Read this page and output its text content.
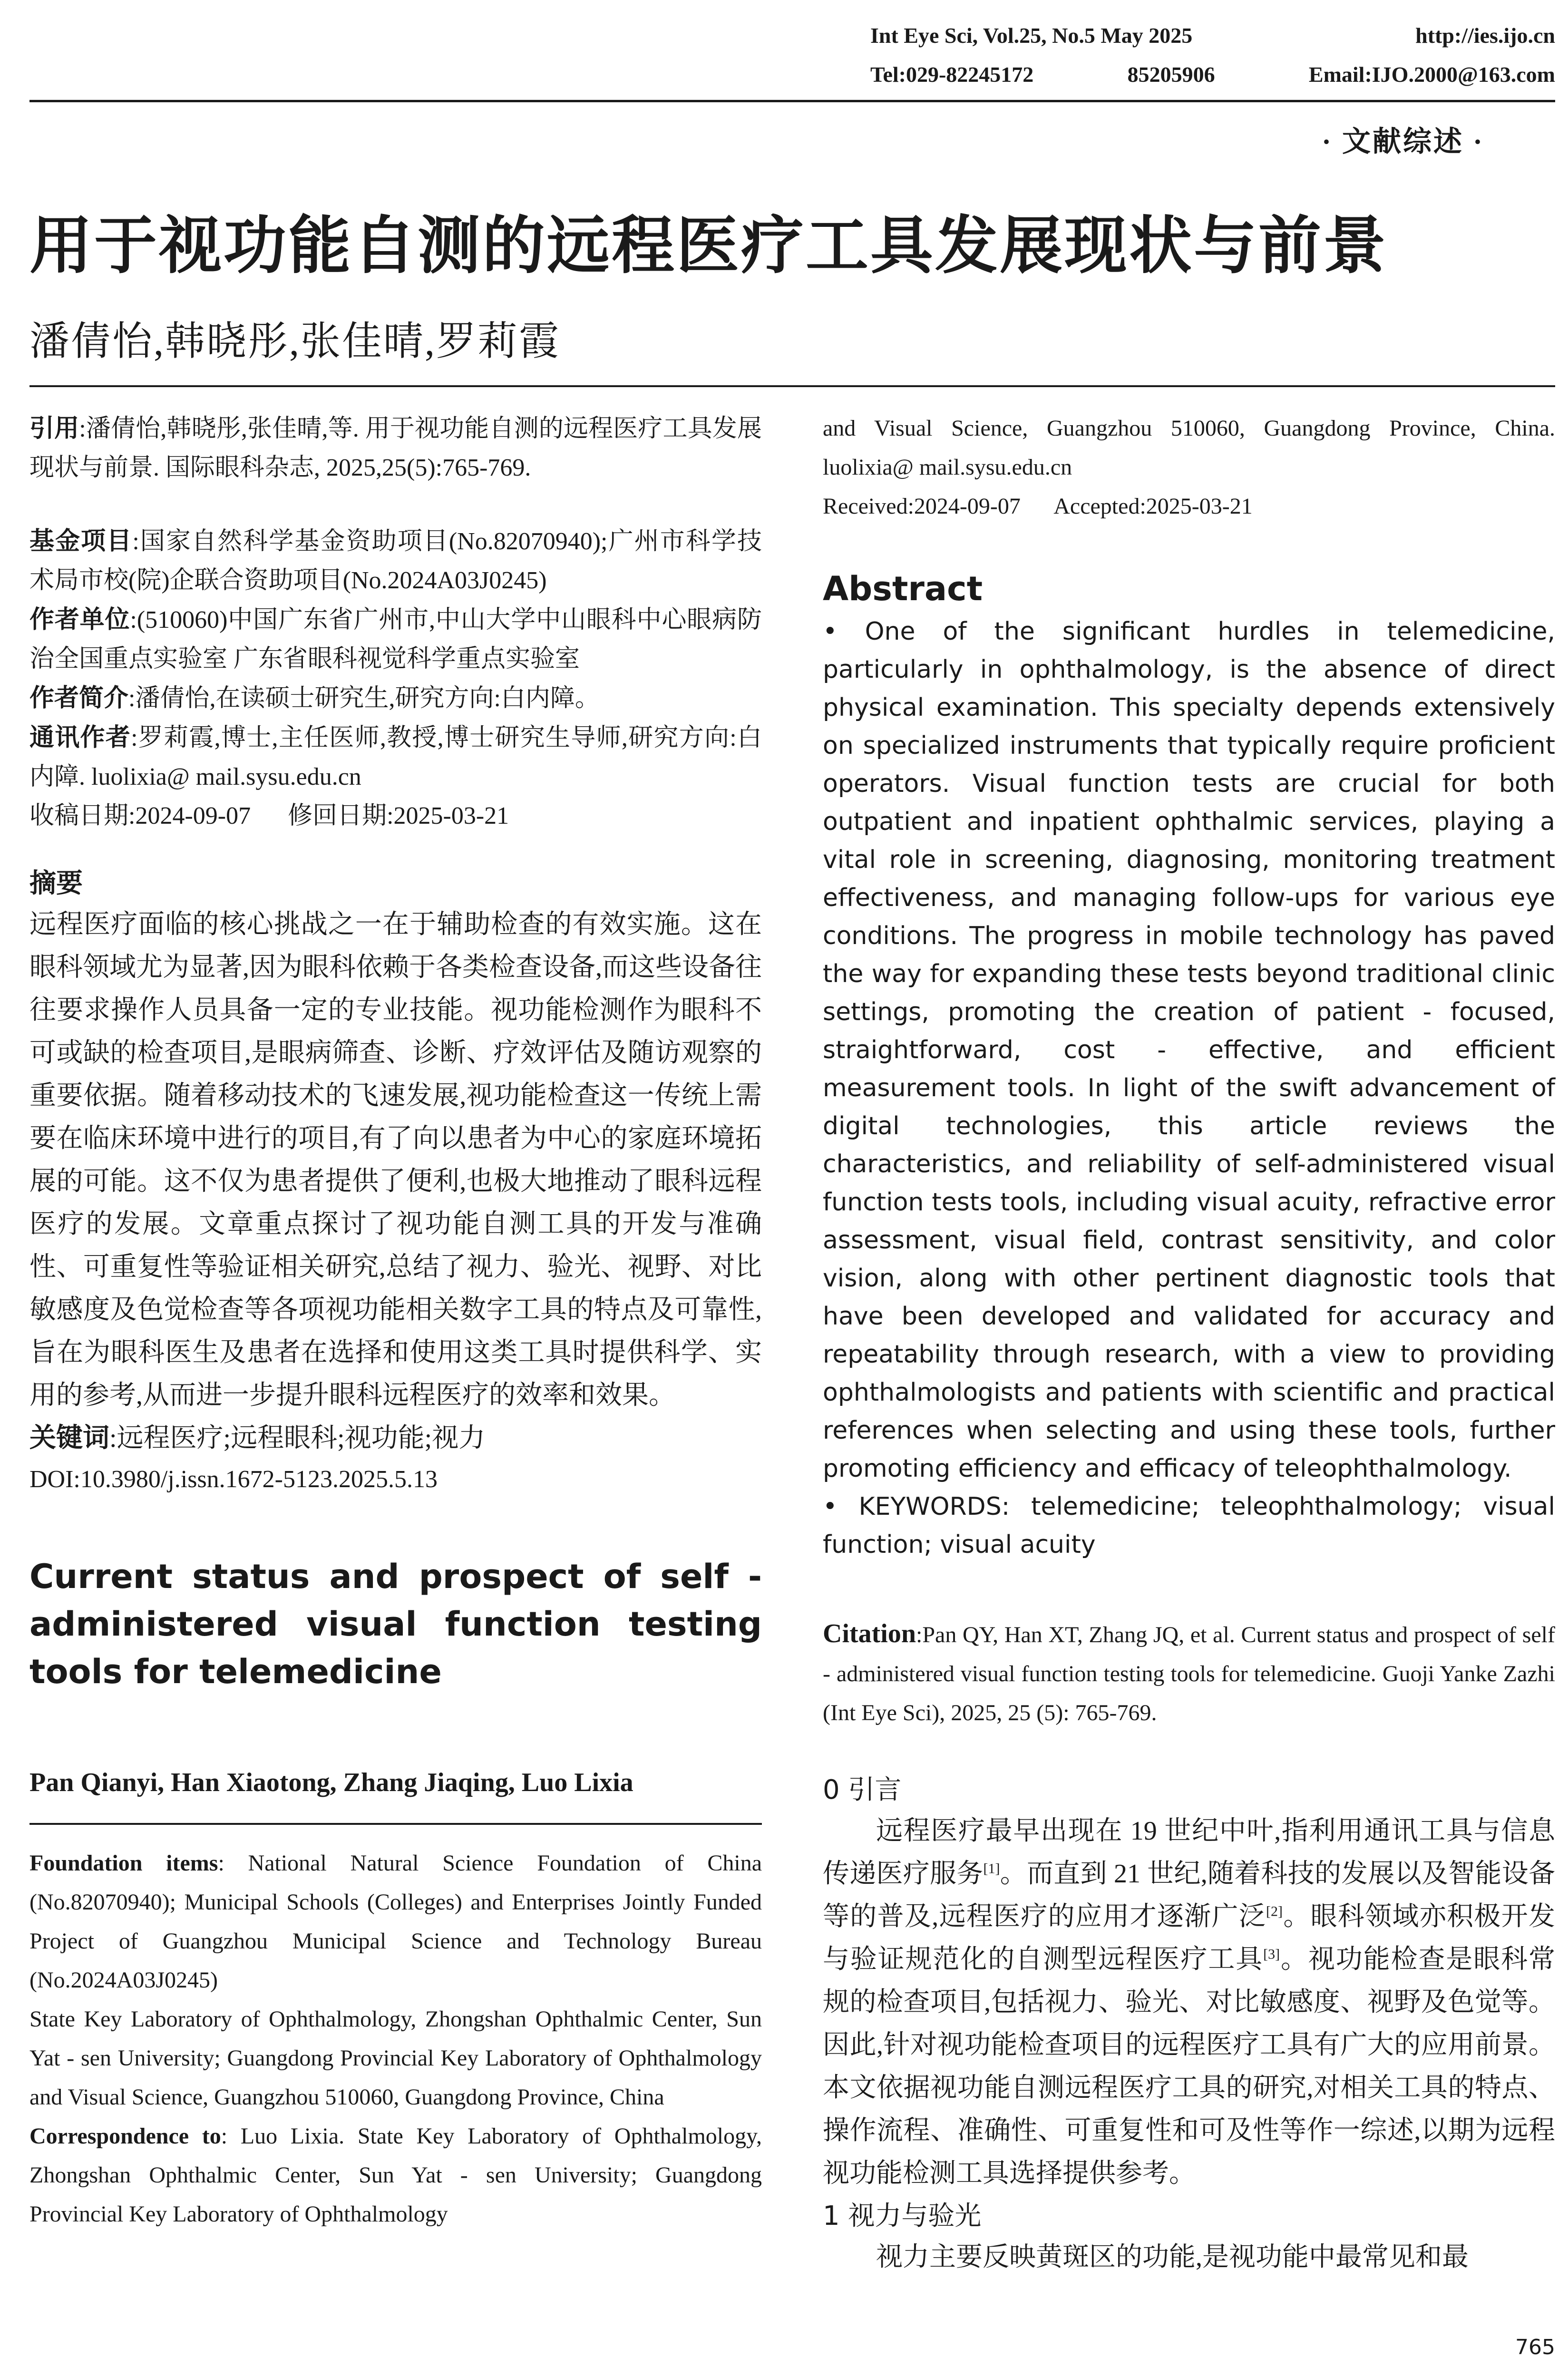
Int Eye Sci, Vol.25, No.5 May 2025	http://ies.ijo.cn
Tel:029-82245172	85205906	Email:IJO.2000@163.com
· 文献综述 ·
用于视功能自测的远程医疗工具发展现状与前景
潘倩怡,韩晓彤,张佳晴,罗莉霞
引用:潘倩怡,韩晓彤,张佳晴,等. 用于视功能自测的远程医疗工具发展现状与前景. 国际眼科杂志, 2025,25(5):765-769.
基金项目:国家自然科学基金资助项目(No.82070940);广州市科学技术局市校(院)企联合资助项目(No.2024A03J0245)
作者单位:(510060)中国广东省广州市,中山大学中山眼科中心眼病防治全国重点实验室 广东省眼科视觉科学重点实验室
作者简介:潘倩怡,在读硕士研究生,研究方向:白内障。
通讯作者:罗莉霞,博士,主任医师,教授,博士研究生导师,研究方向:白内障. luolixia@ mail.sysu.edu.cn
收稿日期:2024-09-07      修回日期:2025-03-21
摘要
远程医疗面临的核心挑战之一在于辅助检查的有效实施。这在眼科领域尤为显著,因为眼科依赖于各类检查设备,而这些设备往往要求操作人员具备一定的专业技能。视功能检测作为眼科不可或缺的检查项目,是眼病筛查、诊断、疗效评估及随访观察的重要依据。随着移动技术的飞速发展,视功能检查这一传统上需要在临床环境中进行的项目,有了向以患者为中心的家庭环境拓展的可能。这不仅为患者提供了便利,也极大地推动了眼科远程医疗的发展。文章重点探讨了视功能自测工具的开发与准确性、可重复性等验证相关研究,总结了视力、验光、视野、对比敏感度及色觉检查等各项视功能相关数字工具的特点及可靠性,旨在为眼科医生及患者在选择和使用这类工具时提供科学、实用的参考,从而进一步提升眼科远程医疗的效率和效果。
关键词:远程医疗;远程眼科;视功能;视力
DOI:10.3980/j.issn.1672-5123.2025.5.13
Current status and prospect of self - administered visual function testing tools for telemedicine
Pan Qianyi, Han Xiaotong, Zhang Jiaqing, Luo Lixia
Foundation items: National Natural Science Foundation of China (No.82070940); Municipal Schools (Colleges) and Enterprises Jointly Funded Project of Guangzhou Municipal Science and Technology Bureau (No.2024A03J0245)
State Key Laboratory of Ophthalmology, Zhongshan Ophthalmic Center, Sun Yat - sen University; Guangdong Provincial Key Laboratory of Ophthalmology and Visual Science, Guangzhou 510060, Guangdong Province, China
Correspondence to: Luo Lixia. State Key Laboratory of Ophthalmology, Zhongshan Ophthalmic Center, Sun Yat - sen University; Guangdong Provincial Key Laboratory of Ophthalmology
and Visual Science, Guangzhou 510060, Guangdong Province, China. luolixia@ mail.sysu.edu.cn
Received:2024-09-07      Accepted:2025-03-21
Abstract

• One of the significant hurdles in telemedicine, particularly in ophthalmology, is the absence of direct physical examination. This specialty depends extensively on specialized instruments that typically require proficient operators. Visual function tests are crucial for both outpatient and inpatient ophthalmic services, playing a vital role in screening, diagnosing, monitoring treatment effectiveness, and managing follow-ups for various eye conditions. The progress in mobile technology has paved the way for expanding these tests beyond traditional clinic settings, promoting the creation of patient - focused, straightforward, cost - effective, and efficient measurement tools. In light of the swift advancement of digital technologies, this article reviews the characteristics, and reliability of self-administered visual function tests tools, including visual acuity, refractive error assessment, visual field, contrast sensitivity, and color vision, along with other pertinent diagnostic tools that have been developed and validated for accuracy and repeatability through research, with a view to providing ophthalmologists and patients with scientific and practical references when selecting and using these tools, further promoting efficiency and efficacy of teleophthalmology.

• KEYWORDS: telemedicine; teleophthalmology; visual function; visual acuity

Citation:Pan QY, Han XT, Zhang JQ, et al. Current status and prospect of self - administered visual function testing tools for telemedicine. Guoji Yanke Zazhi (Int Eye Sci), 2025, 25 (5): 765-769.
0 引言
远程医疗最早出现在 19 世纪中叶,指利用通讯工具与信息传递医疗服务[1]。而直到 21 世纪,随着科技的发展以及智能设备等的普及,远程医疗的应用才逐渐广泛[2]。眼科领域亦积极开发与验证规范化的自测型远程医疗工具[3]。视功能检查是眼科常规的检查项目,包括视力、验光、对比敏感度、视野及色觉等。因此,针对视功能检查项目的远程医疗工具有广大的应用前景。本文依据视功能自测远程医疗工具的研究,对相关工具的特点、操作流程、准确性、可重复性和可及性等作一综述,以期为远程视功能检测工具选择提供参考。
1 视力与验光
视力主要反映黄斑区的功能,是视功能中最常见和最
765
